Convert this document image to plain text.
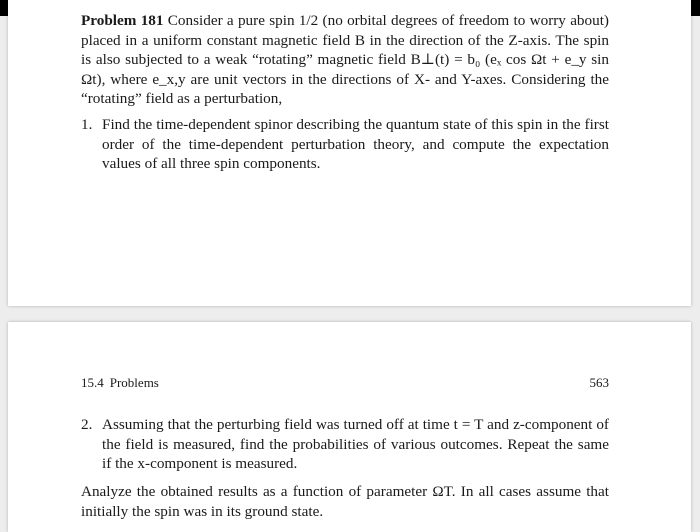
Problem 181 Consider a pure spin 1/2 (no orbital degrees of freedom to worry about) placed in a uniform constant magnetic field B in the direction of the Z-axis. The spin is also subjected to a weak “rotating” magnetic field B⊥(t) = b₀ (eₓ cos Ωt + e_y sin Ωt), where e_x,y are unit vectors in the directions of X- and Y-axes. Considering the “rotating” field as a perturbation,

1. Find the time-dependent spinor describing the quantum state of this spin in the first order of the time-dependent perturbation theory, and compute the expectation values of all three spin components.
15.4 Problems	563
2. Assuming that the perturbing field was turned off at time t = T and z-component of the field is measured, find the probabilities of various outcomes. Repeat the same if the x-component is measured.

Analyze the obtained results as a function of parameter ΩT. In all cases assume that initially the spin was in its ground state.
